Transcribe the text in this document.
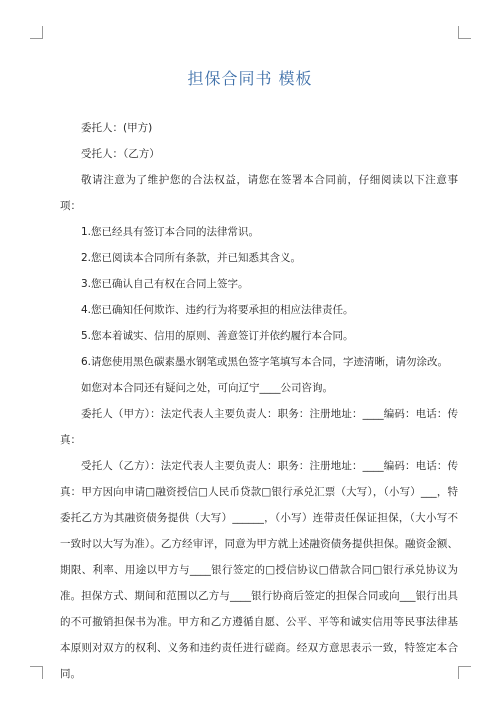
担保合同书 模板

委托人：(甲方)

受托人：（乙方）

敬请注意为了维护您的合法权益，请您在签署本合同前，仔细阅读以下注意事项：

1.您已经具有签订本合同的法律常识。

2.您已阅读本合同所有条款，并已知悉其含义。

3.您已确认自己有权在合同上签字。

4.您已确知任何欺诈、违约行为将要承担的相应法律责任。

5.您本着诚实、信用的原则、善意签订并依约履行本合同。

6.请您使用黑色碳素墨水钢笔或黑色签字笔填写本合同，字迹清晰，请勿涂改。

如您对本合同还有疑问之处，可向辽宁____公司咨询。

委托人（甲方）：法定代表人主要负责人：职务：注册地址：____编码：电话：传真：

受托人（乙方）：法定代表人主要负责人：职务：注册地址：____编码：电话：传真：甲方因向申请□融资授信□人民币贷款□银行承兑汇票（大写），（小写）___，特委托乙方为其融资债务提供（大写）______，（小写）连带责任保证担保，（大小写不一致时以大写为准）。乙方经审评，同意为甲方就上述融资债务提供担保。融资金额、期限、利率、用途以甲方与____银行签定的□授信协议□借款合同□银行承兑协议为准。担保方式、期间和范围以乙方与____银行协商后签定的担保合同或向___银行出具的不可撤销担保书为准。甲方和乙方遵循自愿、公平、平等和诚实信用等民事法律基本原则对双方的权利、义务和违约责任进行磋商。经双方意思表示一致，特签定本合同。
